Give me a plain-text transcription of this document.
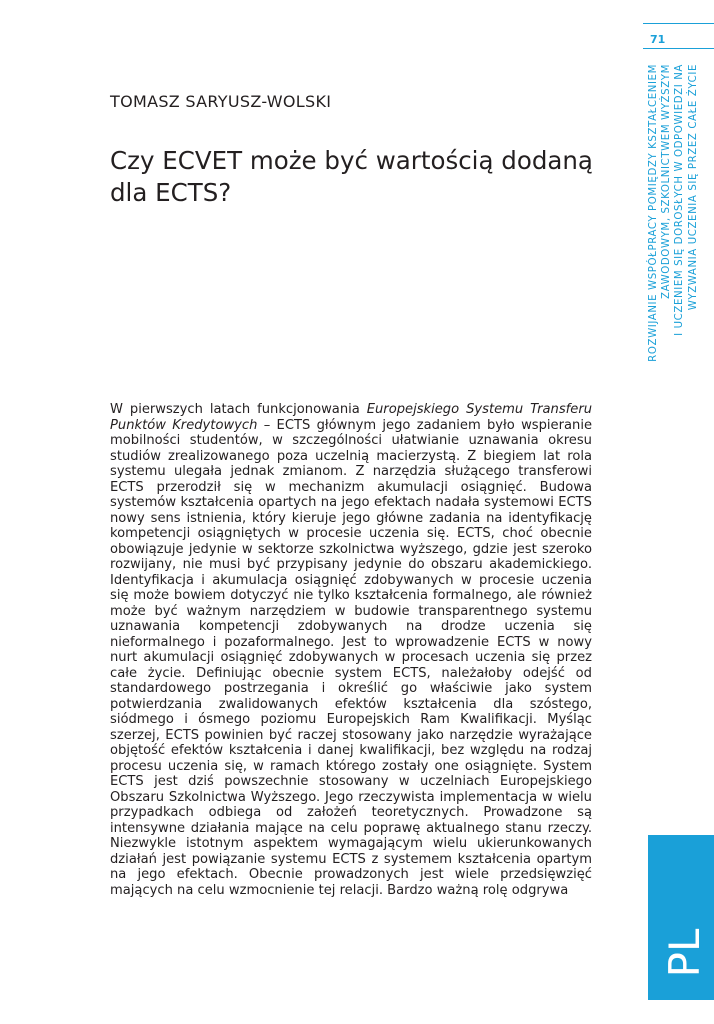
71
ROZWIJANIE WSPÓŁPRACY POMIĘDZY KSZTAŁCENIEM ZAWODOWYM, SZKOLNICTWEM WYŻSZYM I UCZENIEM SIĘ DOROSŁYCH W ODPOWIEDZI NA WYZWANIA UCZENIA SIĘ PRZEZ CAŁE ŻYCIE
PL
TOMASZ SARYUSZ-WOLSKI
Czy ECVET może być wartością dodaną dla ECTS?
W pierwszych latach funkcjonowania Europejskiego Systemu Transferu Punktów Kredytowych – ECTS głównym jego zadaniem było wspieranie mobilności studentów, w szczególności ułatwianie uznawania okresu studiów zrealizowanego poza uczelnią macierzystą. Z biegiem lat rola systemu ulegała jednak zmianom. Z narzędzia służącego transferowi ECTS przerodził się w mechanizm akumulacji osiągnięć. Budowa systemów kształcenia opartych na jego efektach nadała systemowi ECTS nowy sens istnienia, który kieruje jego główne zadania na identyfikację kompetencji osiągniętych w procesie uczenia się. ECTS, choć obecnie obowiązuje jedynie w sektorze szkolnictwa wyższego, gdzie jest szeroko rozwijany, nie musi być przypisany jedynie do obszaru akademickiego. Identyfikacja i akumulacja osiągnięć zdobywanych w procesie uczenia się może bowiem dotyczyć nie tylko kształcenia formalnego, ale również może być ważnym narzędziem w budowie transparentnego systemu uznawania kompetencji zdobywanych na drodze uczenia się nieformalnego i pozaformalnego. Jest to wprowadzenie ECTS w nowy nurt akumulacji osiągnięć zdobywanych w procesach uczenia się przez całe życie. Definiując obecnie system ECTS, należałoby odejść od standardowego postrzegania i określić go właściwie jako system potwierdzania zwalidowanych efektów kształcenia dla szóstego, siódmego i ósmego poziomu Europejskich Ram Kwalifikacji. Myśląc szerzej, ECTS powinien być raczej stosowany jako narzędzie wyrażające objętość efektów kształcenia i danej kwalifikacji, bez względu na rodzaj procesu uczenia się, w ramach którego zostały one osiągnięte. System ECTS jest dziś powszechnie stosowany w uczelniach Europejskiego Obszaru Szkolnictwa Wyższego. Jego rzeczywista implementacja w wielu przypadkach odbiega od założeń teoretycznych. Prowadzone są intensywne działania mające na celu poprawę aktualnego stanu rzeczy. Niezwykle istotnym aspektem wymagającym wielu ukierunkowanych działań jest powiązanie systemu ECTS z systemem kształcenia opartym na jego efektach. Obecnie prowadzonych jest wiele przedsięwzięć mających na celu wzmocnienie tej relacji. Bardzo ważną rolę odgrywa
